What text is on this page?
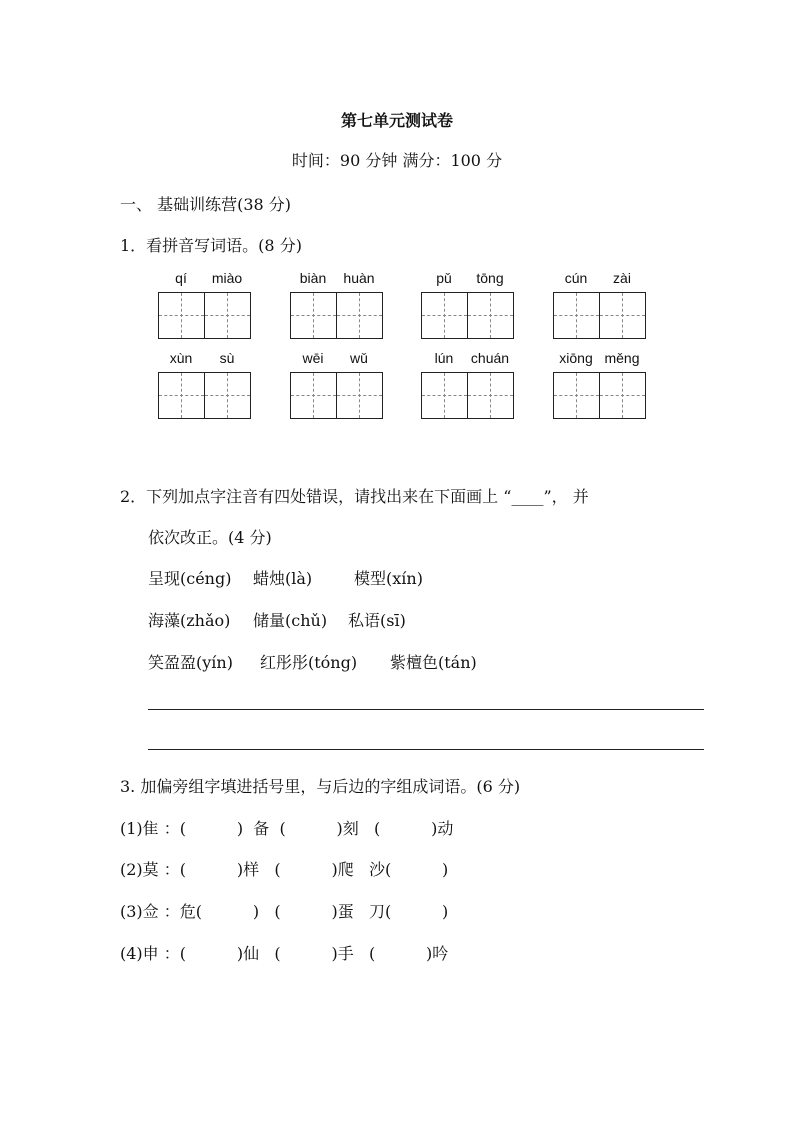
第七单元测试卷
时间：90 分钟 满分：100 分
一、 基础训练营(38 分)
1．看拼音写词语。(8 分)
qí	miào	biàn	huàn	pǔ	tōng	cún	zài
xùn	sù	wēi	wǔ	lún	chuán	xiōng měng
2．下列加点字注音有四处错误，请找出来在下面画上 “____”， 并
依次改正。(4 分)
呈现(céng) 蜡烛(là)	模型(xín)
海藻(zhǎo) 储量(chǔ) 私语(sī)
笑盈盈(yín) 红彤彤(tóng) 紫檀色(tán)
3. 加偏旁组字填进括号里，与后边的字组成词语。(6 分)
(1)隹 ：(          )  备  (          )刻   (          )动
(2)莫 ：(          )样   (          )爬   沙(          )
(3)佥 ：危(          )   (          )蛋   刀(          )
(4)申 ：(          )仙   (          )手   (          )吟
